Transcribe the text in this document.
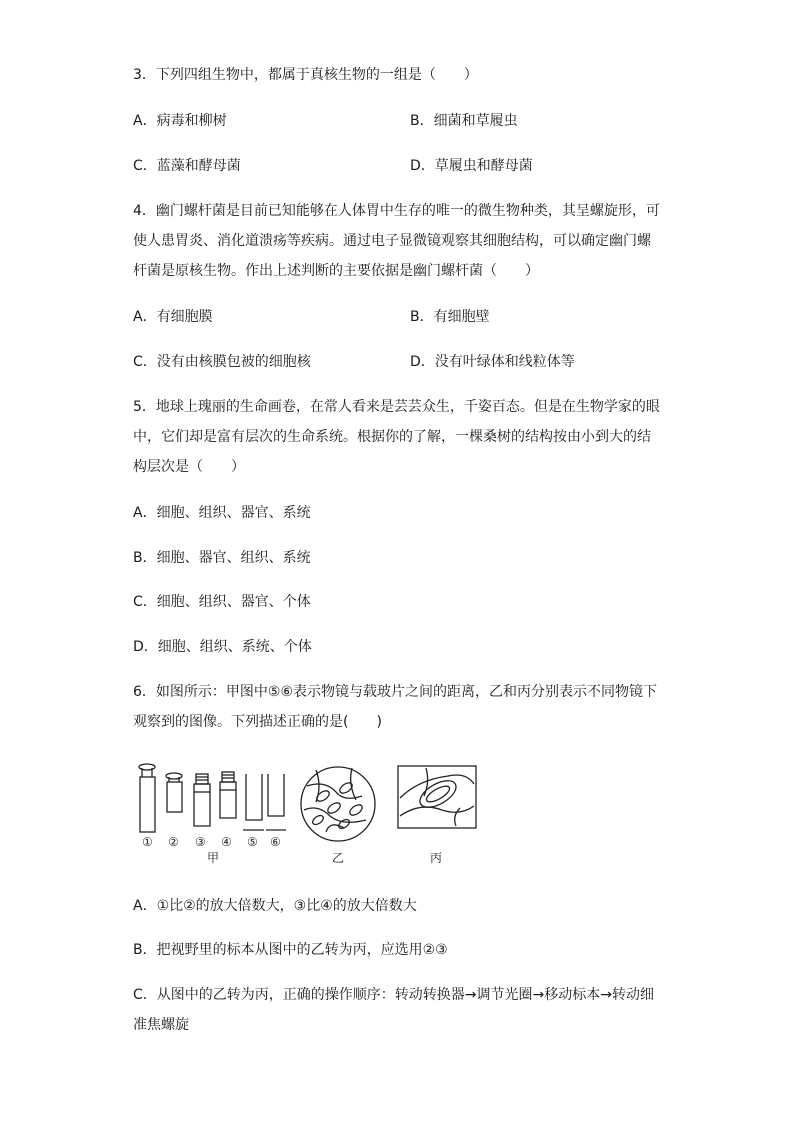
3．下列四组生物中，都属于真核生物的一组是（　　）
A．病毒和柳树	B．细菌和草履虫
C．蓝藻和酵母菌	D．草履虫和酵母菌
4．幽门螺杆菌是目前已知能够在人体胃中生存的唯一的微生物种类，其呈螺旋形，可
使人患胃炎、消化道溃疡等疾病。通过电子显微镜观察其细胞结构，可以确定幽门螺
杆菌是原核生物。作出上述判断的主要依据是幽门螺杆菌（　　）
A．有细胞膜	B．有细胞壁
C．没有由核膜包被的细胞核	D．没有叶绿体和线粒体等
5．地球上瑰丽的生命画卷，在常人看来是芸芸众生，千姿百态。但是在生物学家的眼
中，它们却是富有层次的生命系统。根据你的了解，一棵桑树的结构按由小到大的结
构层次是（　　）
A．细胞、组织、器官、系统
B．细胞、器官、组织、系统
C．细胞、组织、器官、个体
D．细胞、组织、系统、个体
6．如图所示：甲图中⑤⑥表示物镜与载玻片之间的距离，乙和丙分别表示不同物镜下
观察到的图像。下列描述正确的是(　　)
① ② ③ ④ ⑤ ⑥
甲	乙	丙
A．①比②的放大倍数大，③比④的放大倍数大
B．把视野里的标本从图中的乙转为丙，应选用②③
C．从图中的乙转为丙，正确的操作顺序：转动转换器→调节光圈→移动标本→转动细
准焦螺旋
